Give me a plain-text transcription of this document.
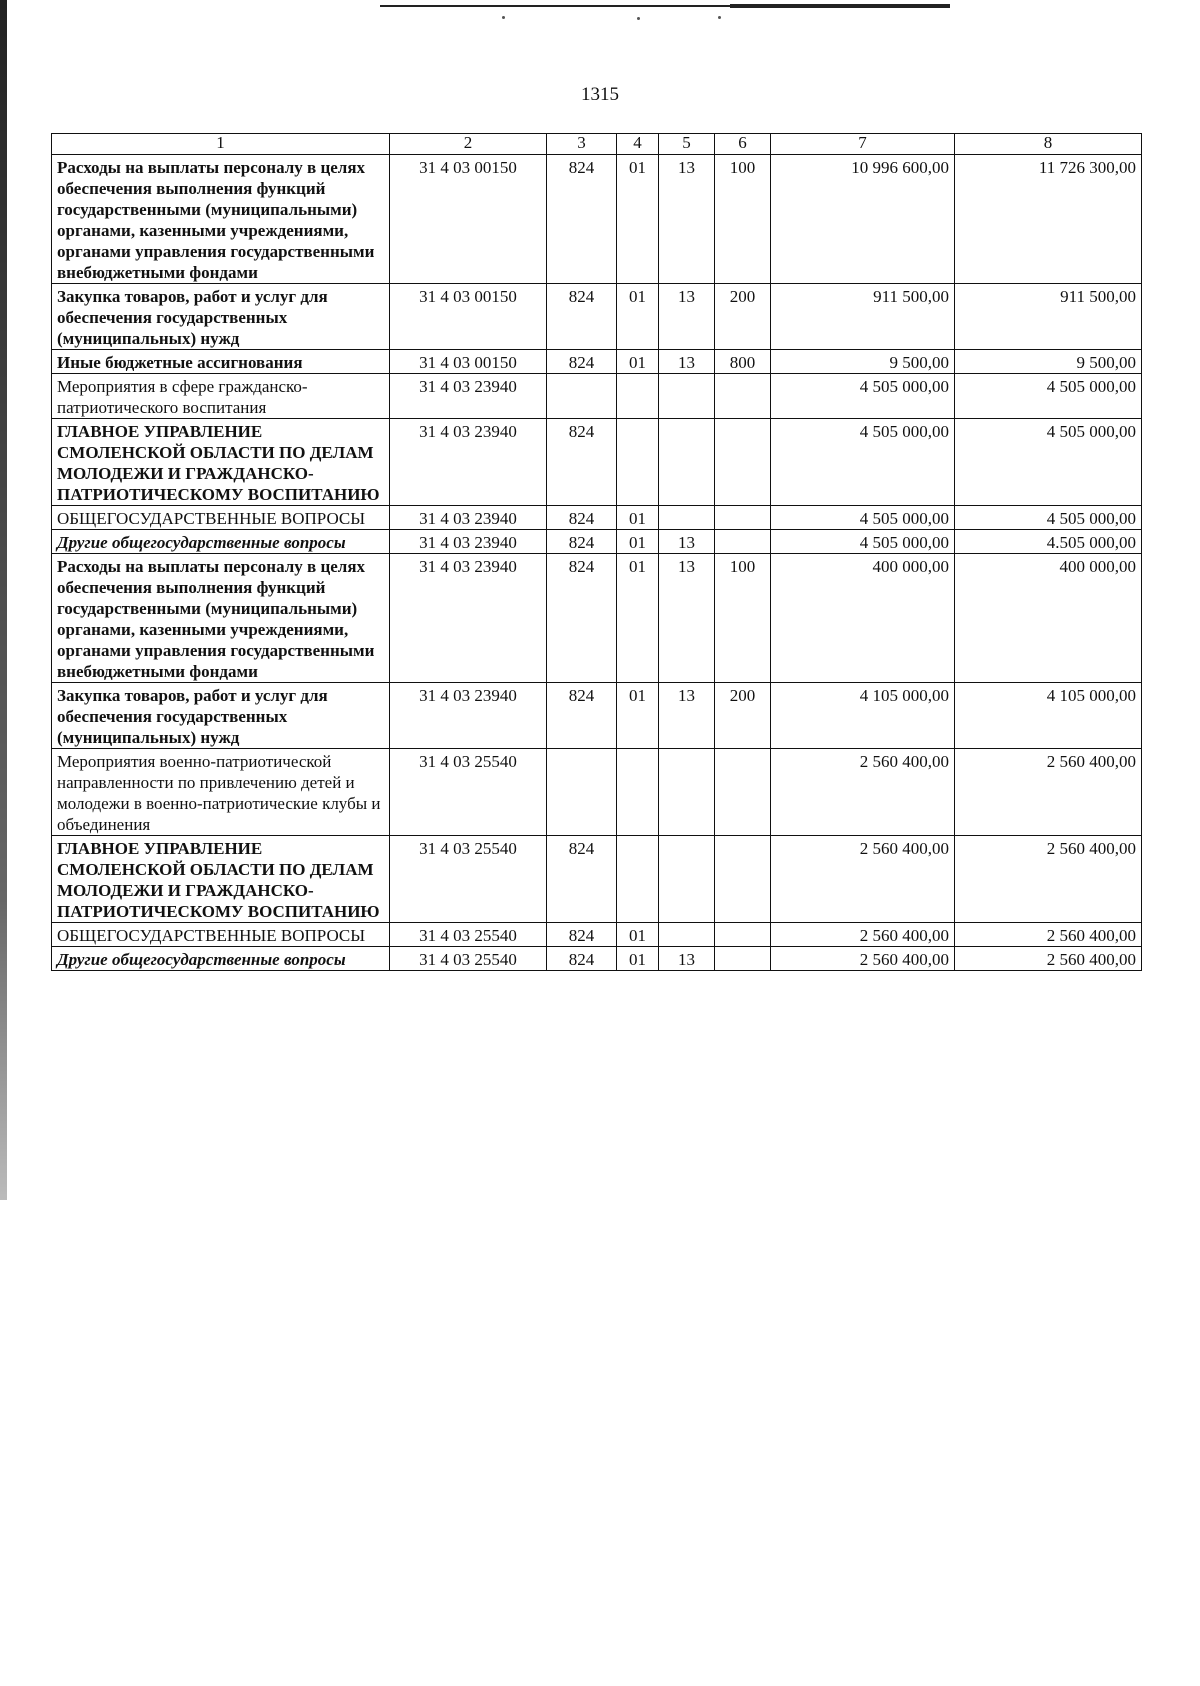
1315
1	2	3	4	5	6	7	8
Расходы на выплаты персоналу в целях обеспечения выполнения функций государственными (муниципальными) органами, казенными учреждениями, органами управления государственными внебюджетными фондами	31 4 03 00150	824	01	13	100	10 996 600,00	11 726 300,00
Закупка товаров, работ и услуг для обеспечения государственных (муниципальных) нужд	31 4 03 00150	824	01	13	200	911 500,00	911 500,00
Иные бюджетные ассигнования	31 4 03 00150	824	01	13	800	9 500,00	9 500,00
Мероприятия в сфере гражданско-патриотического воспитания	31 4 03 23940					4 505 000,00	4 505 000,00
ГЛАВНОЕ УПРАВЛЕНИЕ СМОЛЕНСКОЙ ОБЛАСТИ ПО ДЕЛАМ МОЛОДЕЖИ И ГРАЖДАНСКО-ПАТРИОТИЧЕСКОМУ ВОСПИТАНИЮ	31 4 03 23940	824				4 505 000,00	4 505 000,00
ОБЩЕГОСУДАРСТВЕННЫЕ ВОПРОСЫ	31 4 03 23940	824	01			4 505 000,00	4 505 000,00
Другие общегосударственные вопросы	31 4 03 23940	824	01	13		4 505 000,00	4.505 000,00
Расходы на выплаты персоналу в целях обеспечения выполнения функций государственными (муниципальными) органами, казенными учреждениями, органами управления государственными внебюджетными фондами	31 4 03 23940	824	01	13	100	400 000,00	400 000,00
Закупка товаров, работ и услуг для обеспечения государственных (муниципальных) нужд	31 4 03 23940	824	01	13	200	4 105 000,00	4 105 000,00
Мероприятия военно-патриотической направленности по привлечению детей и молодежи в военно-патриотические клубы и объединения	31 4 03 25540					2 560 400,00	2 560 400,00
ГЛАВНОЕ УПРАВЛЕНИЕ СМОЛЕНСКОЙ ОБЛАСТИ ПО ДЕЛАМ МОЛОДЕЖИ И ГРАЖДАНСКО-ПАТРИОТИЧЕСКОМУ ВОСПИТАНИЮ	31 4 03 25540	824				2 560 400,00	2 560 400,00
ОБЩЕГОСУДАРСТВЕННЫЕ ВОПРОСЫ	31 4 03 25540	824	01			2 560 400,00	2 560 400,00
Другие общегосударственные вопросы	31 4 03 25540	824	01	13		2 560 400,00	2 560 400,00
